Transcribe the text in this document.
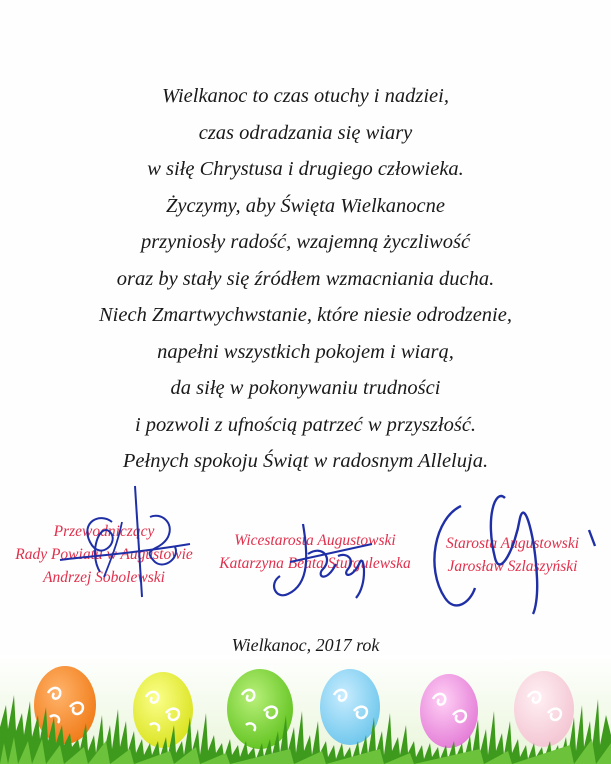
Wielkanoc to czas otuchy i nadziei,
czas odradzania się wiary
w siłę Chrystusa i drugiego człowieka.
Życzymy, aby Święta Wielkanocne
przyniosły radość, wzajemną życzliwość
oraz by stały się źródłem wzmacniania ducha.
Niech Zmartwychwstanie, które niesie odrodzenie,
napełni wszystkich pokojem i wiarą,
da siłę w pokonywaniu trudności
i pozwoli z ufnością patrzeć w przyszłość.
Pełnych spokoju Świąt w radosnym Alleluja.
Przewodniczący
Rady Powiatu w Augustowie
Andrzej Sobolewski
Wicestarosta Augustowski
Katarzyna Beata Sturgulewska
Starosta Augustowski
Jarosław Szlaszyński
Wielkanoc, 2017 rok
